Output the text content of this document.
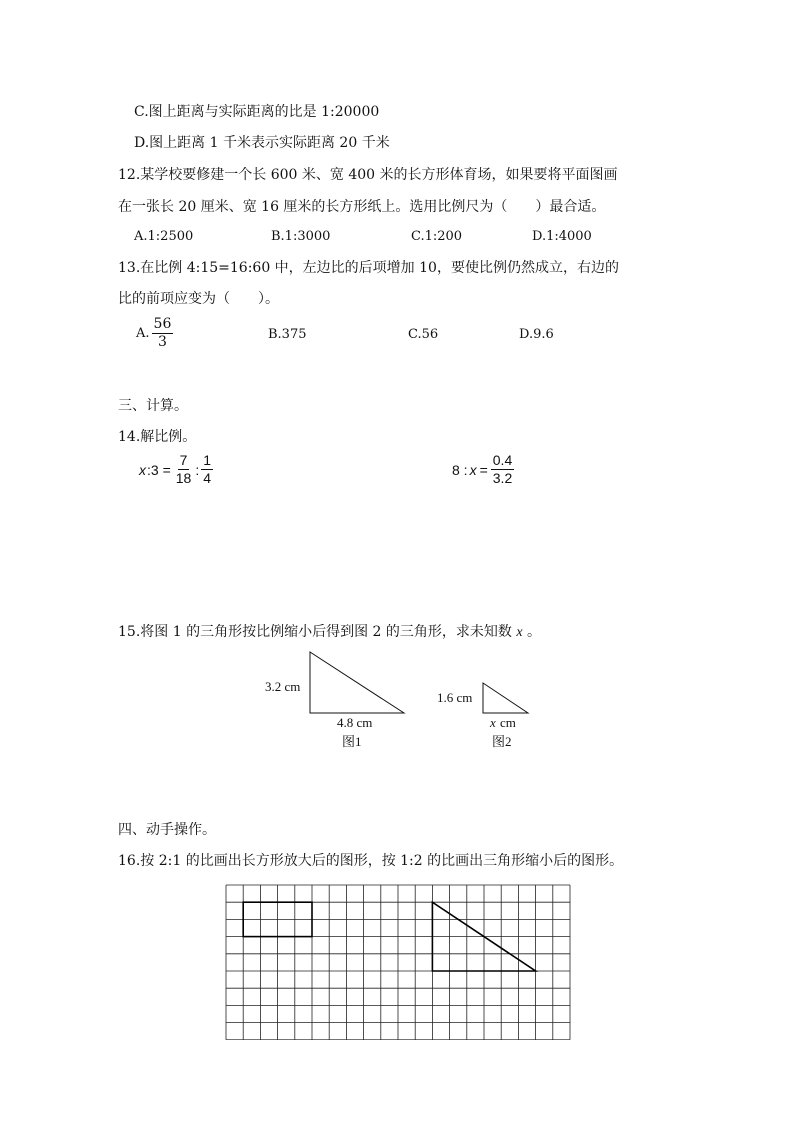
C.图上距离与实际距离的比是 1:20000
D.图上距离 1 千米表示实际距离 20 千米
12.某学校要修建一个长 600 米、宽 400 米的长方形体育场，如果要将平面图画
在一张长 20 厘米、宽 16 厘米的长方形纸上。选用比例尺为（　　）最合适。
A.1:2500	B.1:3000	C.1:200	D.1:4000
13.在比例 4:15=16:60 中，左边比的后项增加 10，要使比例仍然成立，右边的
比的前项应变为（　　）。
A. $\frac{56}{3}$	B.375	C.56	D.9.6
三、计算。
14.解比例。
x :3 = $\frac{7}{18}$ : $\frac{1}{4}$	8 : $x = \frac{0.4}{3.2}$
15.将图 1 的三角形按比例缩小后得到图 2 的三角形，求未知数 x 。
3.2 cm
4.8 cm
图1
1.6 cm
x cm
图2
四、动手操作。
16.按 2:1 的比画出长方形放大后的图形，按 1:2 的比画出三角形缩小后的图形。
